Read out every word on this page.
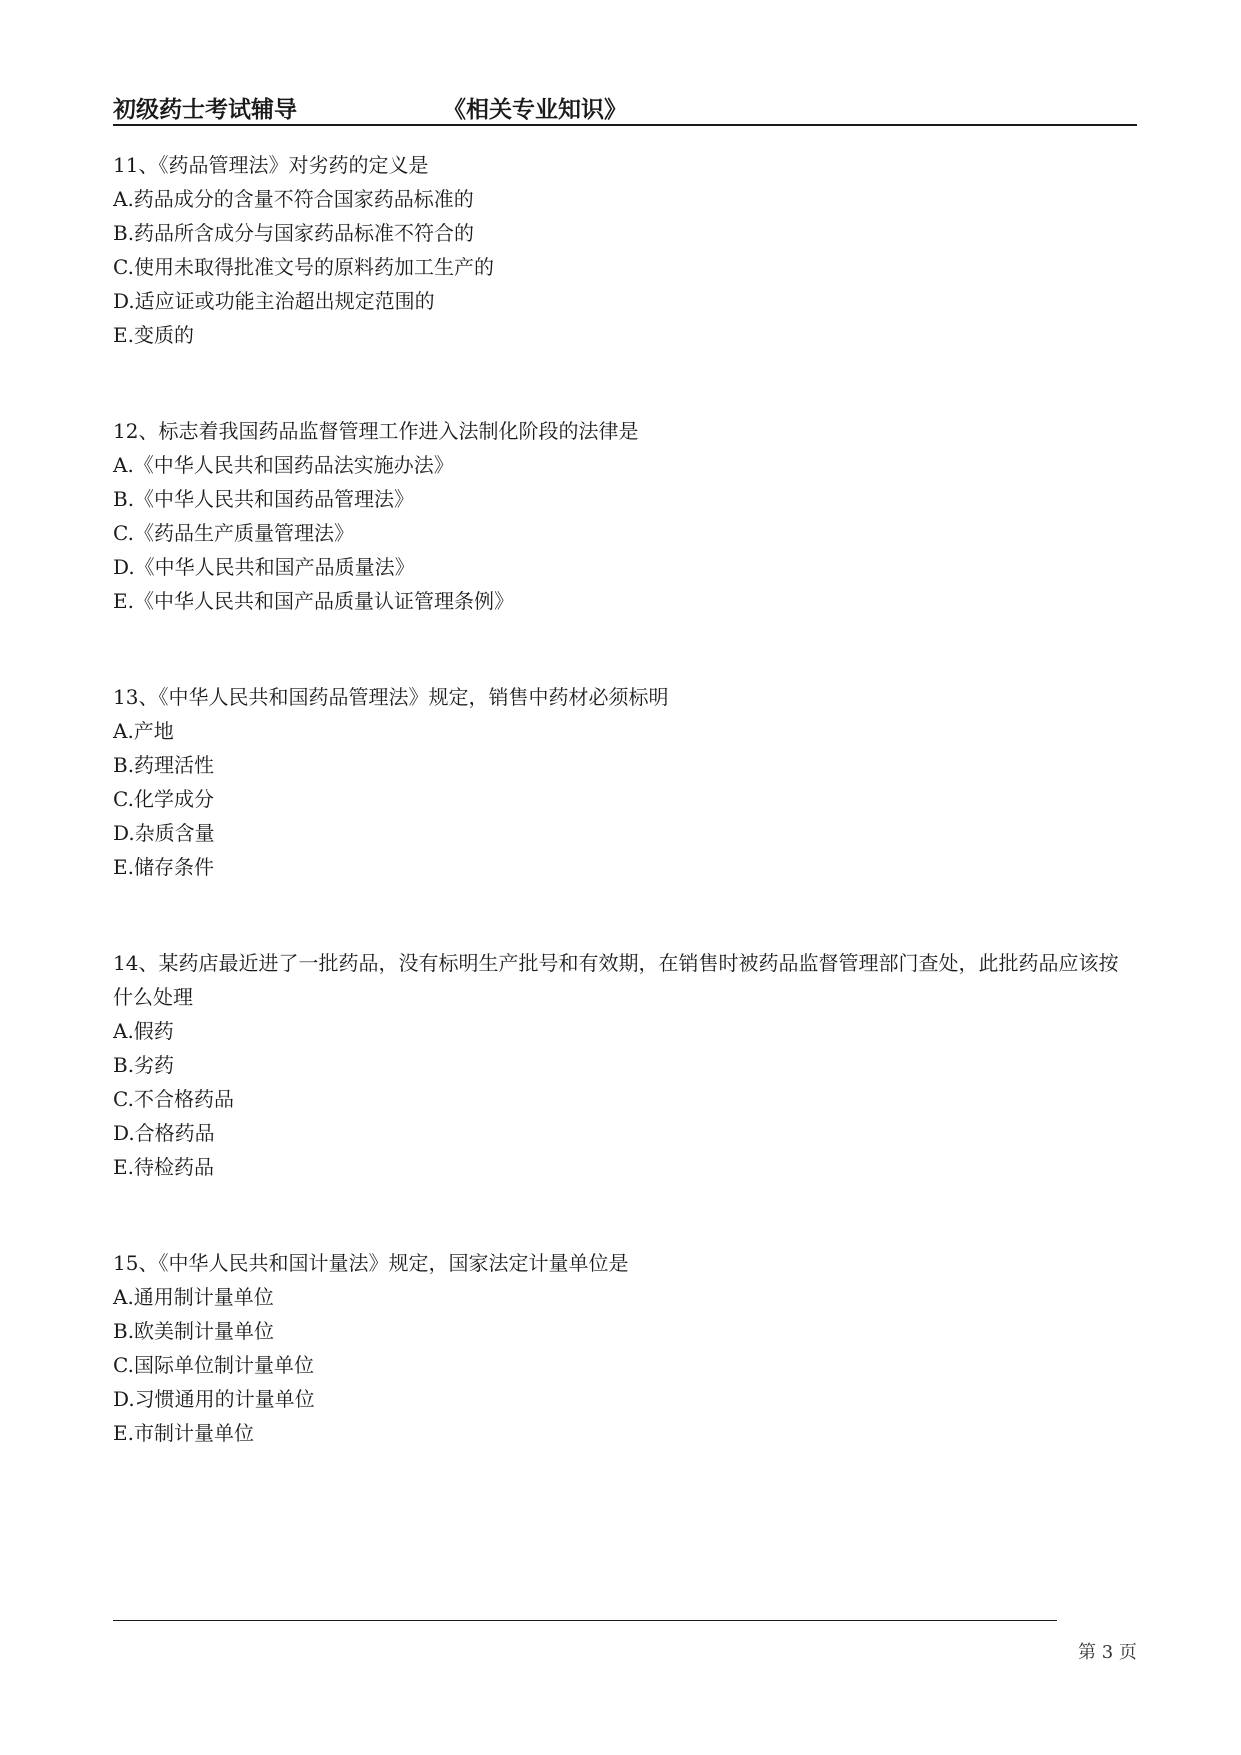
初级药士考试辅导	《相关专业知识》
11、《药品管理法》对劣药的定义是
A.药品成分的含量不符合国家药品标准的
B.药品所含成分与国家药品标准不符合的
C.使用未取得批准文号的原料药加工生产的
D.适应证或功能主治超出规定范围的
E.变质的
12、标志着我国药品监督管理工作进入法制化阶段的法律是
A.《中华人民共和国药品法实施办法》
B.《中华人民共和国药品管理法》
C.《药品生产质量管理法》
D.《中华人民共和国产品质量法》
E.《中华人民共和国产品质量认证管理条例》
13、《中华人民共和国药品管理法》规定，销售中药材必须标明
A.产地
B.药理活性
C.化学成分
D.杂质含量
E.储存条件
14、某药店最近进了一批药品，没有标明生产批号和有效期，在销售时被药品监督管理部门查处，此批药品应该按什么处理
A.假药
B.劣药
C.不合格药品
D.合格药品
E.待检药品
15、《中华人民共和国计量法》规定，国家法定计量单位是
A.通用制计量单位
B.欧美制计量单位
C.国际单位制计量单位
D.习惯通用的计量单位
E.市制计量单位
第 3 页
